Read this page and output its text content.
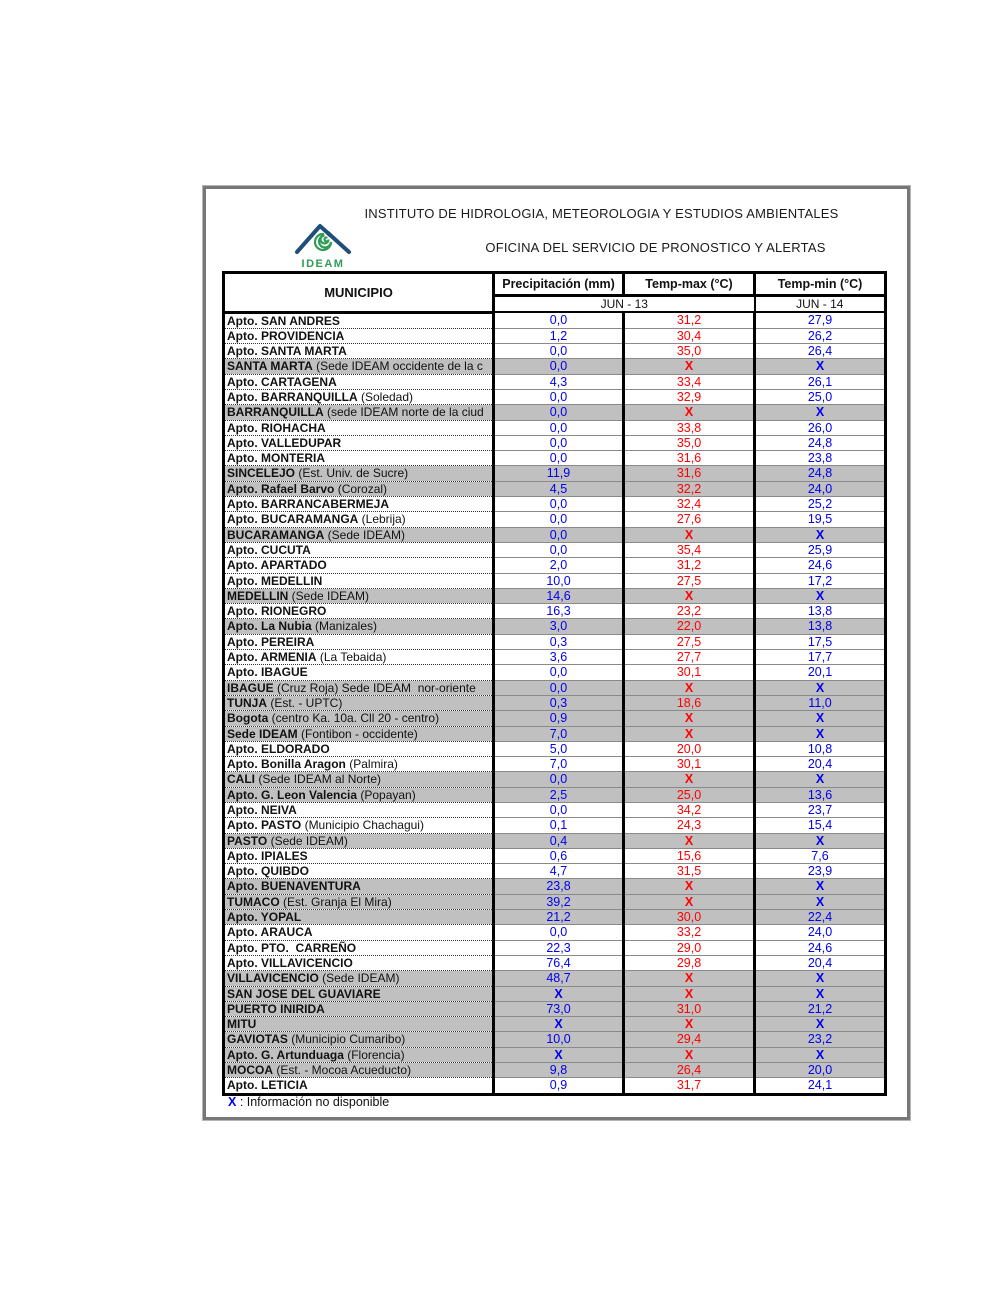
INSTITUTO DE HIDROLOGIA, METEOROLOGIA Y ESTUDIOS AMBIENTALES
OFICINA DEL SERVICIO DE PRONOSTICO Y ALERTAS
IDEAM
MUNICIPIO	Precipitación (mm)	Temp-max (°C)	Temp-min (°C)
	JUN - 13		JUN - 14
Apto. SAN ANDRES	0,0	31,2	27,9
Apto. PROVIDENCIA	1,2	30,4	26,2
Apto. SANTA MARTA	0,0	35,0	26,4
SANTA MARTA (Sede IDEAM occidente de la c	0,0	X	X
Apto. CARTAGENA	4,3	33,4	26,1
Apto. BARRANQUILLA (Soledad)	0,0	32,9	25,0
BARRANQUILLA (sede IDEAM norte de la ciud	0,0	X	X
Apto. RIOHACHA	0,0	33,8	26,0
Apto. VALLEDUPAR	0,0	35,0	24,8
Apto. MONTERIA	0,0	31,6	23,8
SINCELEJO (Est. Univ. de Sucre)	11,9	31,6	24,8
Apto. Rafael Barvo (Corozal)	4,5	32,2	24,0
Apto. BARRANCABERMEJA	0,0	32,4	25,2
Apto. BUCARAMANGA (Lebrija)	0,0	27,6	19,5
BUCARAMANGA (Sede IDEAM)	0,0	X	X
Apto. CUCUTA	0,0	35,4	25,9
Apto. APARTADO	2,0	31,2	24,6
Apto. MEDELLIN	10,0	27,5	17,2
MEDELLIN (Sede IDEAM)	14,6	X	X
Apto. RIONEGRO	16,3	23,2	13,8
Apto. La Nubia (Manizales)	3,0	22,0	13,8
Apto. PEREIRA	0,3	27,5	17,5
Apto. ARMENIA (La Tebaida)	3,6	27,7	17,7
Apto. IBAGUE	0,0	30,1	20,1
IBAGUE (Cruz Roja) Sede IDEAM  nor-oriente	0,0	X	X
TUNJA (Est. - UPTC)	0,3	18,6	11,0
Bogota (centro Ka. 10a. Cll 20 - centro)	0,9	X	X
Sede IDEAM (Fontibon - occidente)	7,0	X	X
Apto. ELDORADO	5,0	20,0	10,8
Apto. Bonilla Aragon (Palmira)	7,0	30,1	20,4
CALI (Sede IDEAM al Norte)	0,0	X	X
Apto. G. Leon Valencia (Popayan)	2,5	25,0	13,6
Apto. NEIVA	0,0	34,2	23,7
Apto. PASTO (Municipio Chachagui)	0,1	24,3	15,4
PASTO (Sede IDEAM)	0,4	X	X
Apto. IPIALES	0,6	15,6	7,6
Apto. QUIBDO	4,7	31,5	23,9
Apto. BUENAVENTURA	23,8	X	X
TUMACO (Est. Granja El Mira)	39,2	X	X
Apto. YOPAL	21,2	30,0	22,4
Apto. ARAUCA	0,0	33,2	24,0
Apto. PTO.  CARREÑO	22,3	29,0	24,6
Apto. VILLAVICENCIO	76,4	29,8	20,4
VILLAVICENCIO (Sede IDEAM)	48,7	X	X
SAN JOSE DEL GUAVIARE	X	X	X
PUERTO INIRIDA	73,0	31,0	21,2
MITU	X	X	X
GAVIOTAS (Municipio Cumaribo)	10,0	29,4	23,2
Apto. G. Artunduaga (Florencia)	X	X	X
MOCOA (Est. - Mocoa Acueducto)	9,8	26,4	20,0
Apto. LETICIA	0,9	31,7	24,1
X : Información no disponible
